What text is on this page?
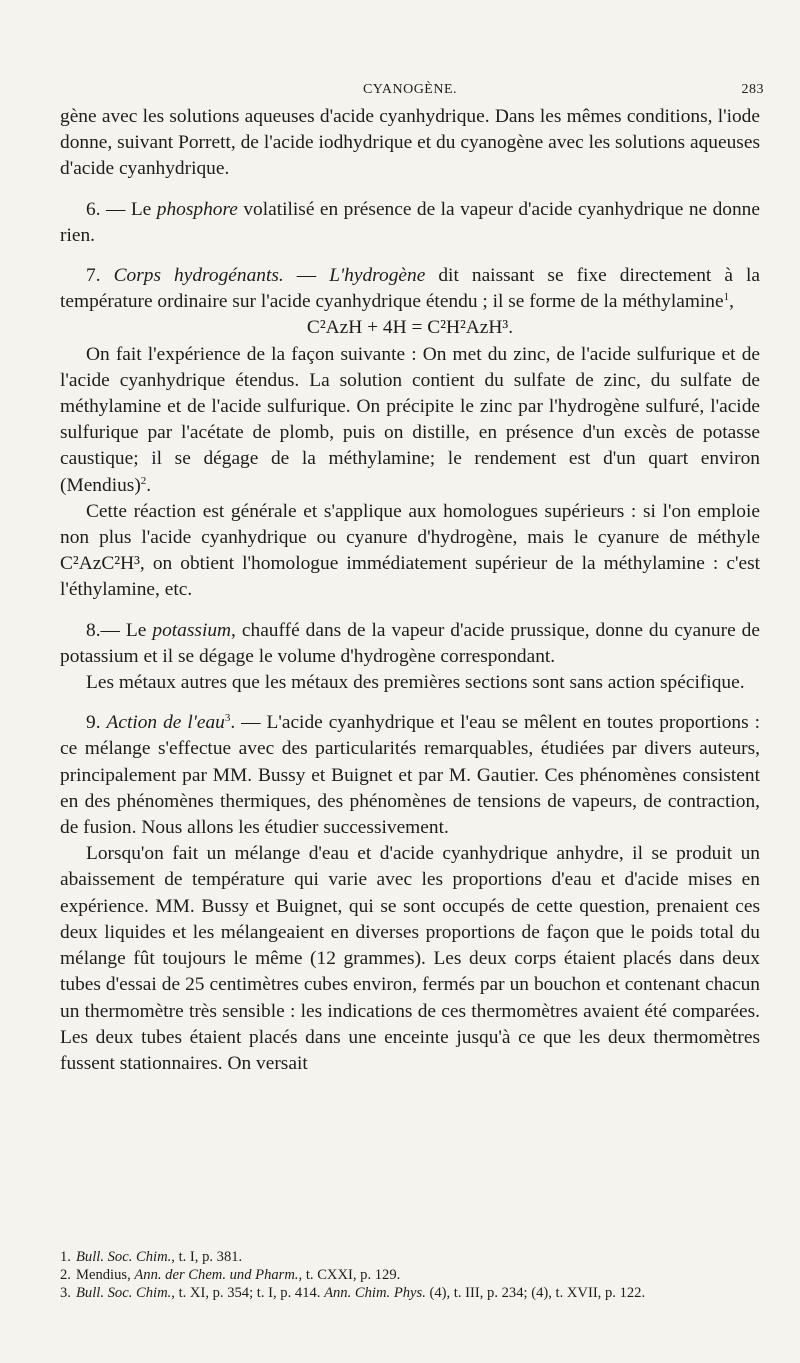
CYANOGÈNE.	283

gène avec les solutions aqueuses d'acide cyanhydrique. Dans les mêmes conditions, l'iode donne, suivant Porrett, de l'acide iodhydrique et du cyanogène avec les solutions aqueuses d'acide cyanhydrique.

6. — Le phosphore volatilisé en présence de la vapeur d'acide cyanhydrique ne donne rien.

7. Corps hydrogénants. — L'hydrogène dit naissant se fixe directement à la température ordinaire sur l'acide cyanhydrique étendu ; il se forme de la méthylamine$^1$,

C²AzH + 4H = C²H²AzH³.

On fait l'expérience de la façon suivante : On met du zinc, de l'acide sulfurique et de l'acide cyanhydrique étendus. La solution contient du sulfate de zinc, du sulfate de méthylamine et de l'acide sulfurique. On précipite le zinc par l'hydrogène sulfuré, l'acide sulfurique par l'acétate de plomb, puis on distille, en présence d'un excès de potasse caustique; il se dégage de la méthylamine; le rendement est d'un quart environ (Mendius)$^2$.

Cette réaction est générale et s'applique aux homologues supérieurs : si l'on emploie non plus l'acide cyanhydrique ou cyanure d'hydrogène, mais le cyanure de méthyle C²AzC²H³, on obtient l'homologue immédiatement supérieur de la méthylamine : c'est l'éthylamine, etc.

8.— Le potassium, chauffé dans de la vapeur d'acide prussique, donne du cyanure de potassium et il se dégage le volume d'hydrogène correspondant.

Les métaux autres que les métaux des premières sections sont sans action spécifique.

9. Action de l'eau$^3$. — L'acide cyanhydrique et l'eau se mêlent en toutes proportions : ce mélange s'effectue avec des particularités remarquables, étudiées par divers auteurs, principalement par MM. Bussy et Buignet et par M. Gautier. Ces phénomènes consistent en des phénomènes thermiques, des phénomènes de tensions de vapeurs, de contraction, de fusion. Nous allons les étudier successivement.

Lorsqu'on fait un mélange d'eau et d'acide cyanhydrique anhydre, il se produit un abaissement de température qui varie avec les proportions d'eau et d'acide mises en expérience. MM. Bussy et Buignet, qui se sont occupés de cette question, prenaient ces deux liquides et les mélangeaient en diverses proportions de façon que le poids total du mélange fût toujours le même (12 grammes). Les deux corps étaient placés dans deux tubes d'essai de 25 centimètres cubes environ, fermés par un bouchon et contenant chacun un thermomètre très sensible : les indications de ces thermomètres avaient été comparées. Les deux tubes étaient placés dans une enceinte jusqu'à ce que les deux thermomètres fussent stationnaires. On versait

1. Bull. Soc. Chim., t. I, p. 381.

2. Mendius, Ann. der Chem. und Pharm., t. CXXI, p. 129.

3. Bull. Soc. Chim., t. XI, p. 354; t. I, p. 414. Ann. Chim. Phys. (4), t. III, p. 234; (4), t. XVII, p. 122.
